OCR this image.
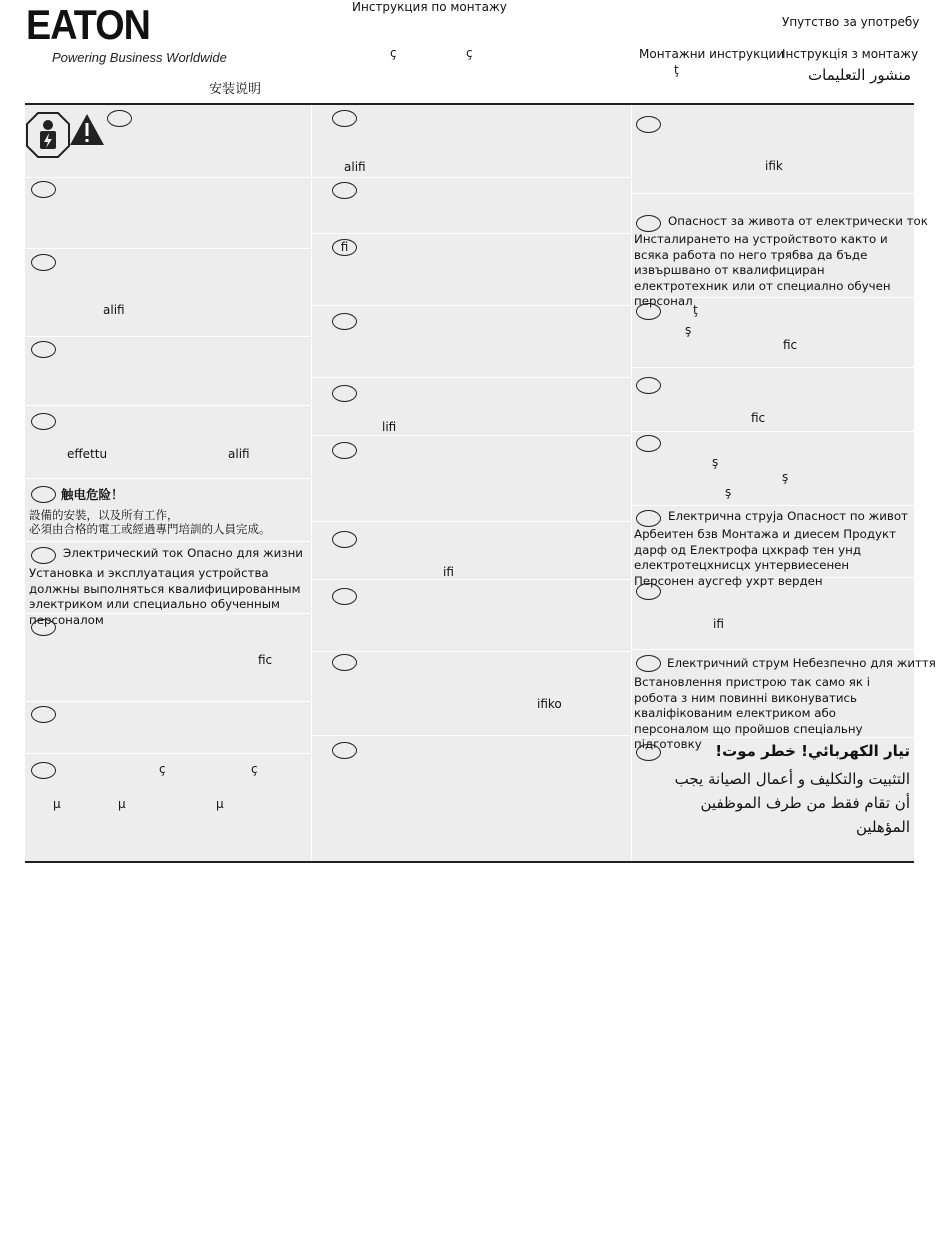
EATON
Powering Business Worldwide
Инструкция по монтажу
Упутство за употребу
Монтажни инструкции
Інструкція з монтажу
安装说明
منشور التعليمات
ç	ç
ţ
alifi
effettu	alifi
触电危险！
設備的安裝，以及所有工作，
必須由合格的電工或經過專門培訓的人員完成。
Электрический ток Опасно для жизни
Установка и эксплуатация устройства должны выполняться квалифицированным электриком или специально обученным персоналом
fic
ç	ç
μ	μ	μ
alifi
fi
lifi
ifi
ifiko
ifik
Опасност за живота от електрически ток
Инсталирането на устройството както и всяка работа по него трябва да бъде извършвано от квалифициран електротехник или от специално обучен персонал
ţ
ş
fic
fic
ş
ş
ş
Електрична струја Опасност по живот
Арбеитен бзв Монтажа и диесем Продукт дарф од Електрофа цхкраф тен унд електротецхнисцх унтервиесенен Персонен аусгеф ухрт верден
ifi
Електричний струм Небезпечно для життя
Встановлення пристрою так само як і робота з ним повинні виконуватись кваліфікованим електриком або персоналом що пройшов спеціальну підготовку تيار الكهربائي! خطر موت!
التثبيت والتكليف و أعمال الصيانة يجب
أن تقام فقط من طرف الموظفين
المؤهلين
